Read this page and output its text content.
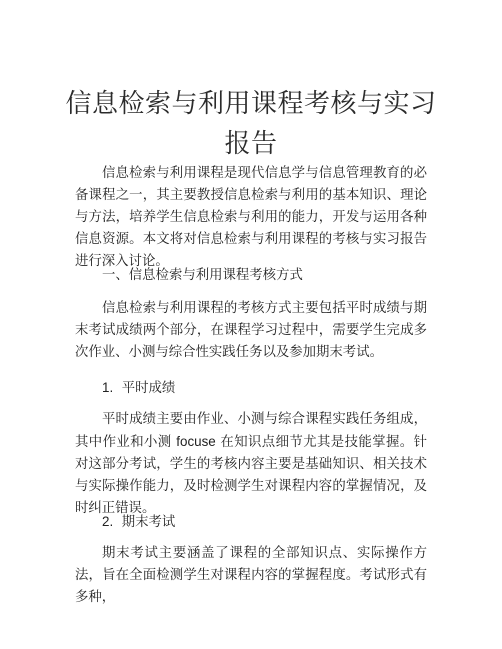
信息检索与利用课程考核与实习报告

信息检索与利用课程是现代信息学与信息管理教育的必备课程之一，其主要教授信息检索与利用的基本知识、理论与方法，培养学生信息检索与利用的能力，开发与运用各种信息资源。本文将对信息检索与利用课程的考核与实习报告进行深入讨论。

一、信息检索与利用课程考核方式

信息检索与利用课程的考核方式主要包括平时成绩与期末考试成绩两个部分，在课程学习过程中，需要学生完成多次作业、小测与综合性实践任务以及参加期末考试。

1. 平时成绩

平时成绩主要由作业、小测与综合课程实践任务组成，其中作业和小测 focuse 在知识点细节尤其是技能掌握。针对这部分考试，学生的考核内容主要是基础知识、相关技术与实际操作能力，及时检测学生对课程内容的掌握情况，及时纠正错误。

2. 期末考试

期末考试主要涵盖了课程的全部知识点、实际操作方法，旨在全面检测学生对课程内容的掌握程度。考试形式有多种，
